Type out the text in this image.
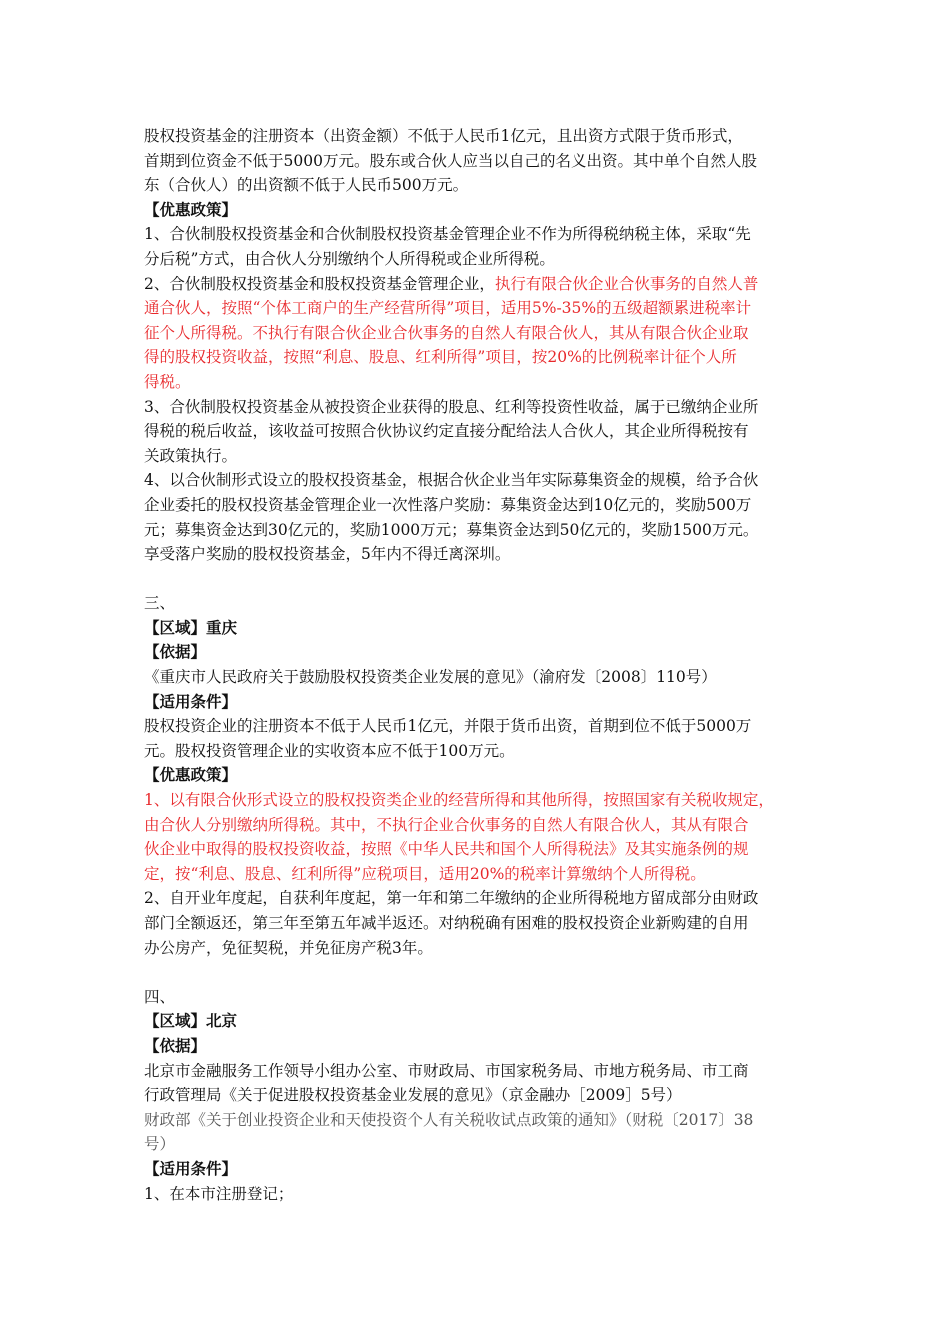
股权投资基金的注册资本（出资金额）不低于人民币1亿元，且出资方式限于货币形式，
首期到位资金不低于5000万元。股东或合伙人应当以自己的名义出资。其中单个自然人股
东（合伙人）的出资额不低于人民币500万元。
【优惠政策】
1、合伙制股权投资基金和合伙制股权投资基金管理企业不作为所得税纳税主体，采取“先
分后税”方式，由合伙人分别缴纳个人所得税或企业所得税。
2、合伙制股权投资基金和股权投资基金管理企业，执行有限合伙企业合伙事务的自然人普
通合伙人，按照“个体工商户的生产经营所得”项目，适用5%-35%的五级超额累进税率计
征个人所得税。不执行有限合伙企业合伙事务的自然人有限合伙人，其从有限合伙企业取
得的股权投资收益，按照“利息、股息、红利所得”项目，按20%的比例税率计征个人所
得税。
3、合伙制股权投资基金从被投资企业获得的股息、红利等投资性收益，属于已缴纳企业所
得税的税后收益，该收益可按照合伙协议约定直接分配给法人合伙人，其企业所得税按有
关政策执行。
4、以合伙制形式设立的股权投资基金，根据合伙企业当年实际募集资金的规模，给予合伙
企业委托的股权投资基金管理企业一次性落户奖励：募集资金达到10亿元的，奖励500万
元；募集资金达到30亿元的，奖励1000万元；募集资金达到50亿元的，奖励1500万元。
享受落户奖励的股权投资基金，5年内不得迁离深圳。
三、
【区域】重庆
【依据】
《重庆市人民政府关于鼓励股权投资类企业发展的意见》（渝府发〔2008〕110号）
【适用条件】
股权投资企业的注册资本不低于人民币1亿元，并限于货币出资，首期到位不低于5000万
元。股权投资管理企业的实收资本应不低于100万元。
【优惠政策】
1、以有限合伙形式设立的股权投资类企业的经营所得和其他所得，按照国家有关税收规定，
由合伙人分别缴纳所得税。其中，不执行企业合伙事务的自然人有限合伙人，其从有限合
伙企业中取得的股权投资收益，按照《中华人民共和国个人所得税法》及其实施条例的规
定，按“利息、股息、红利所得”应税项目，适用20%的税率计算缴纳个人所得税。
2、自开业年度起，自获利年度起，第一年和第二年缴纳的企业所得税地方留成部分由财政
部门全额返还，第三年至第五年减半返还。对纳税确有困难的股权投资企业新购建的自用
办公房产，免征契税，并免征房产税3年。
四、
【区域】北京
【依据】
北京市金融服务工作领导小组办公室、市财政局、市国家税务局、市地方税务局、市工商
行政管理局《关于促进股权投资基金业发展的意见》（京金融办［2009］5号）
财政部《关于创业投资企业和天使投资个人有关税收试点政策的通知》（财税〔2017〕38
号）
【适用条件】
1、在本市注册登记；
